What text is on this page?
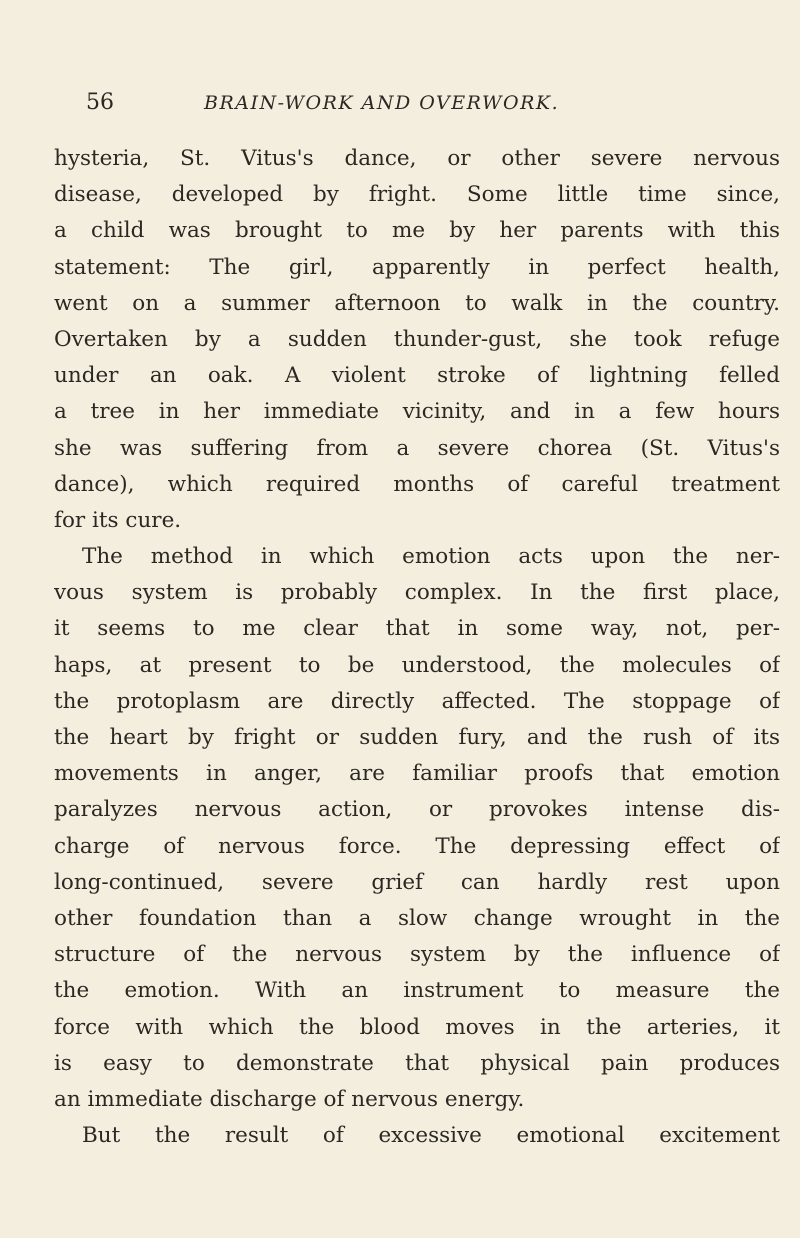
56	BRAIN-WORK AND OVERWORK.
hysteria, St. Vitus's dance, or other severe nervous
disease, developed by fright. Some little time since,
a child was brought to me by her parents with this
statement: The girl, apparently in perfect health,
went on a summer afternoon to walk in the country.
Overtaken by a sudden thunder-gust, she took refuge
under an oak. A violent stroke of lightning felled
a tree in her immediate vicinity, and in a few hours
she was suffering from a severe chorea (St. Vitus's
dance), which required months of careful treatment
for its cure.
The method in which emotion acts upon the ner-
vous system is probably complex. In the first place,
it seems to me clear that in some way, not, per-
haps, at present to be understood, the molecules of
the protoplasm are directly affected. The stoppage of
the heart by fright or sudden fury, and the rush of its
movements in anger, are familiar proofs that emotion
paralyzes nervous action, or provokes intense dis-
charge of nervous force. The depressing effect of
long-continued, severe grief can hardly rest upon
other foundation than a slow change wrought in the
structure of the nervous system by the influence of
the emotion. With an instrument to measure the
force with which the blood moves in the arteries, it
is easy to demonstrate that physical pain produces
an immediate discharge of nervous energy.
But the result of excessive emotional excitement
